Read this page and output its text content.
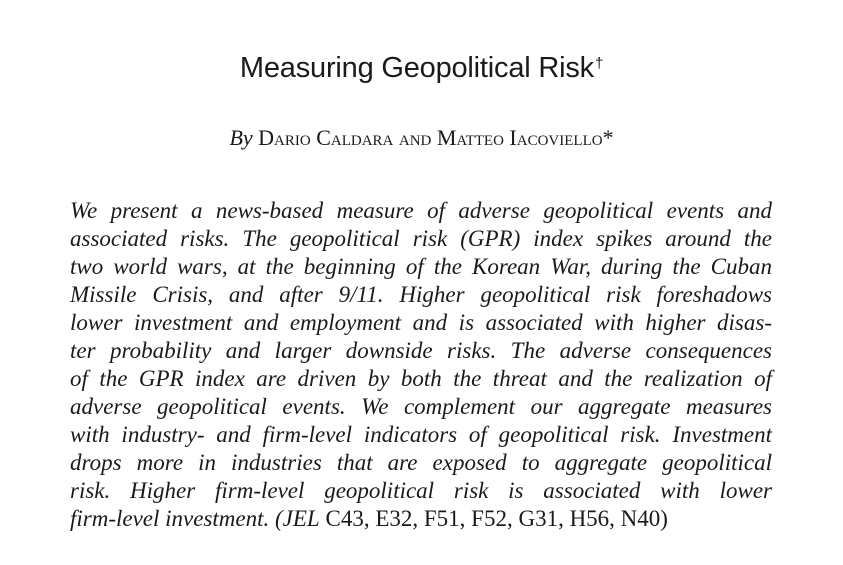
Measuring Geopolitical Risk†
By Dario Caldara and Matteo Iacoviello*
We present a news-based measure of adverse geopolitical events and
associated risks. The geopolitical risk (GPR) index spikes around the
two world wars, at the beginning of the Korean War, during the Cuban
Missile Crisis, and after 9/11. Higher geopolitical risk foreshadows
lower investment and employment and is associated with higher disas-
ter probability and larger downside risks. The adverse consequences
of the GPR index are driven by both the threat and the realization of
adverse geopolitical events. We complement our aggregate measures
with industry- and firm-level indicators of geopolitical risk. Investment
drops more in industries that are exposed to aggregate geopolitical
risk. Higher firm-level geopolitical risk is associated with lower
firm-level investment. (JEL C43, E32, F51, F52, G31, H56, N40)
